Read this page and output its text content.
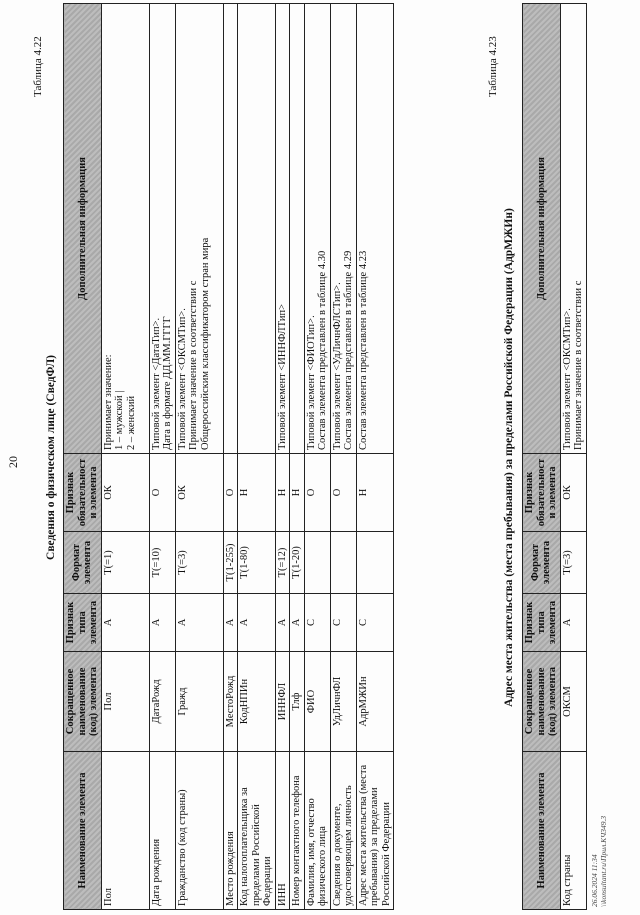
20
Таблица 4.22
Сведения о физическом лице (СведФЛ)
Наименование элемента	Сокращенное наименование (код) элемента	Признак типа элемента	Формат элемента	Признак обязательности элемента	Дополнительная информация
Пол	Пол	А	Т(=1)	ОК	Принимает значение: 1 – мужской | 2 – женский

Дата рождения	ДатаРожд	А	Т(=10)	О	Типовой элемент <ДатаТип>. Дата в формате ДД.ММ.ГГГГ

Гражданство (код страны)	Гражд	А	Т(=3)	ОК	Типовой элемент <ОКСМТип>. Принимает значение в соответствии с Общероссийским классификатором стран мира

Место рождения	МестоРожд	А	Т(1-255)	О	
Код налогоплательщика за пределами Российской Федерации	КодНПИн	А	Т(1-80)	Н	
ИНН	ИННФЛ	А	Т(=12)	Н	Типовой элемент <ИННФЛТип>

Номер контактного телефона	Тлф	А	Т(1-20)	Н	
Фамилия, имя, отчество физического лица	ФИО	С		О	Типовой элемент <ФИОТип>. Состав элемента представлен в таблице 4.30

Сведения о документе, удостоверяющем личность	УдЛичнФЛ	С		О	Типовой элемент <УдЛичнФЛСТип>. Состав элемента представлен в таблице 4.29

Адрес места жительства (места пребывания) за пределами Российской Федерации	АдрМЖИн	С		Н	Состав элемента представлен в таблице 4.23
Таблица 4.23
Адрес места жительства (места пребывания) за пределами Российской Федерации (АдрМЖИн)
Наименование элемента	Сокращенное наименование (код) элемента	Признак типа элемента	Формат элемента	Признак обязательности элемента	Дополнительная информация
Код страны	ОКСМ	А	Т(=3)	ОК	Типовой элемент <ОКСМТип>. Принимает значение в соответствии с
26.06.2024 11:34 \\konsultant.ru\Прил.КЧ349.3
